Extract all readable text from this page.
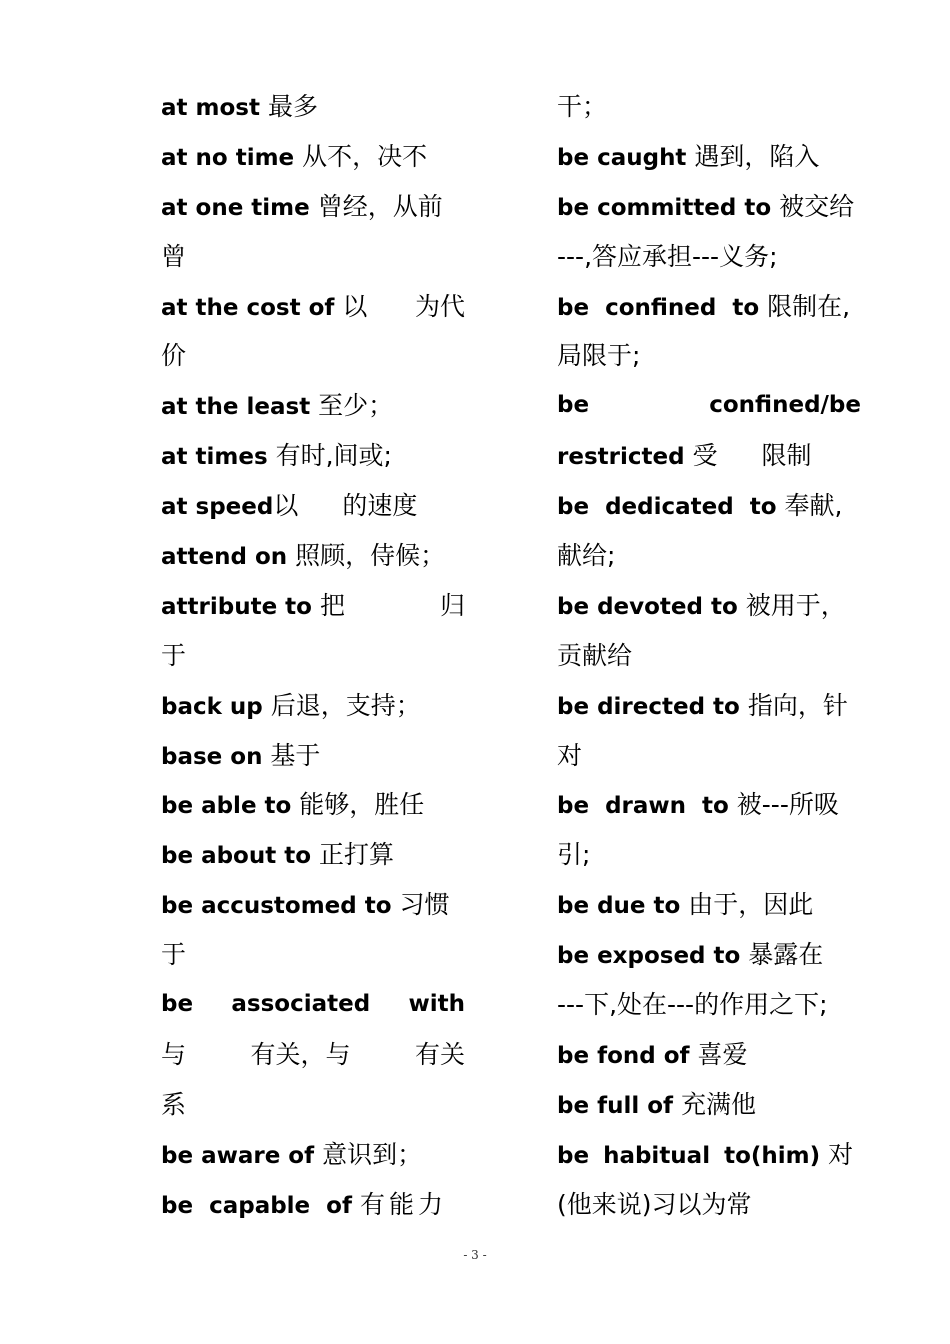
at most 最多
at no time 从不，决不
at one time 曾经，从前
曾
at the cost of 以 为代
价
at the least 至少；
at times 有时,间或;
at speed以 的速度
attend on 照顾，侍候；
attribute to 把	归
于
back up 后退，支持；
base on 基于
be able to 能够，胜任
be about to 正打算
be accustomed to 习惯
于
be associated with
与	有关，与	有关
系
be aware of 意识到；
be capable of 有能力
干；
be caught 遇到，陷入
be committed to 被交给
---,答应承担---义务;
be confined to 限制在,
局限于;
be	confined/be
restricted 受 限制
be dedicated to 奉献,
献给;
be devoted to 被用于，
贡献给
be directed to 指向，针
对
be drawn to 被---所吸
引;
be due to 由于，因此
be exposed to 暴露在
---下,处在---的作用之下;
be fond of 喜爱
be full of 充满他
be habitual to(him) 对
(他来说)习以为常
- 3 -
